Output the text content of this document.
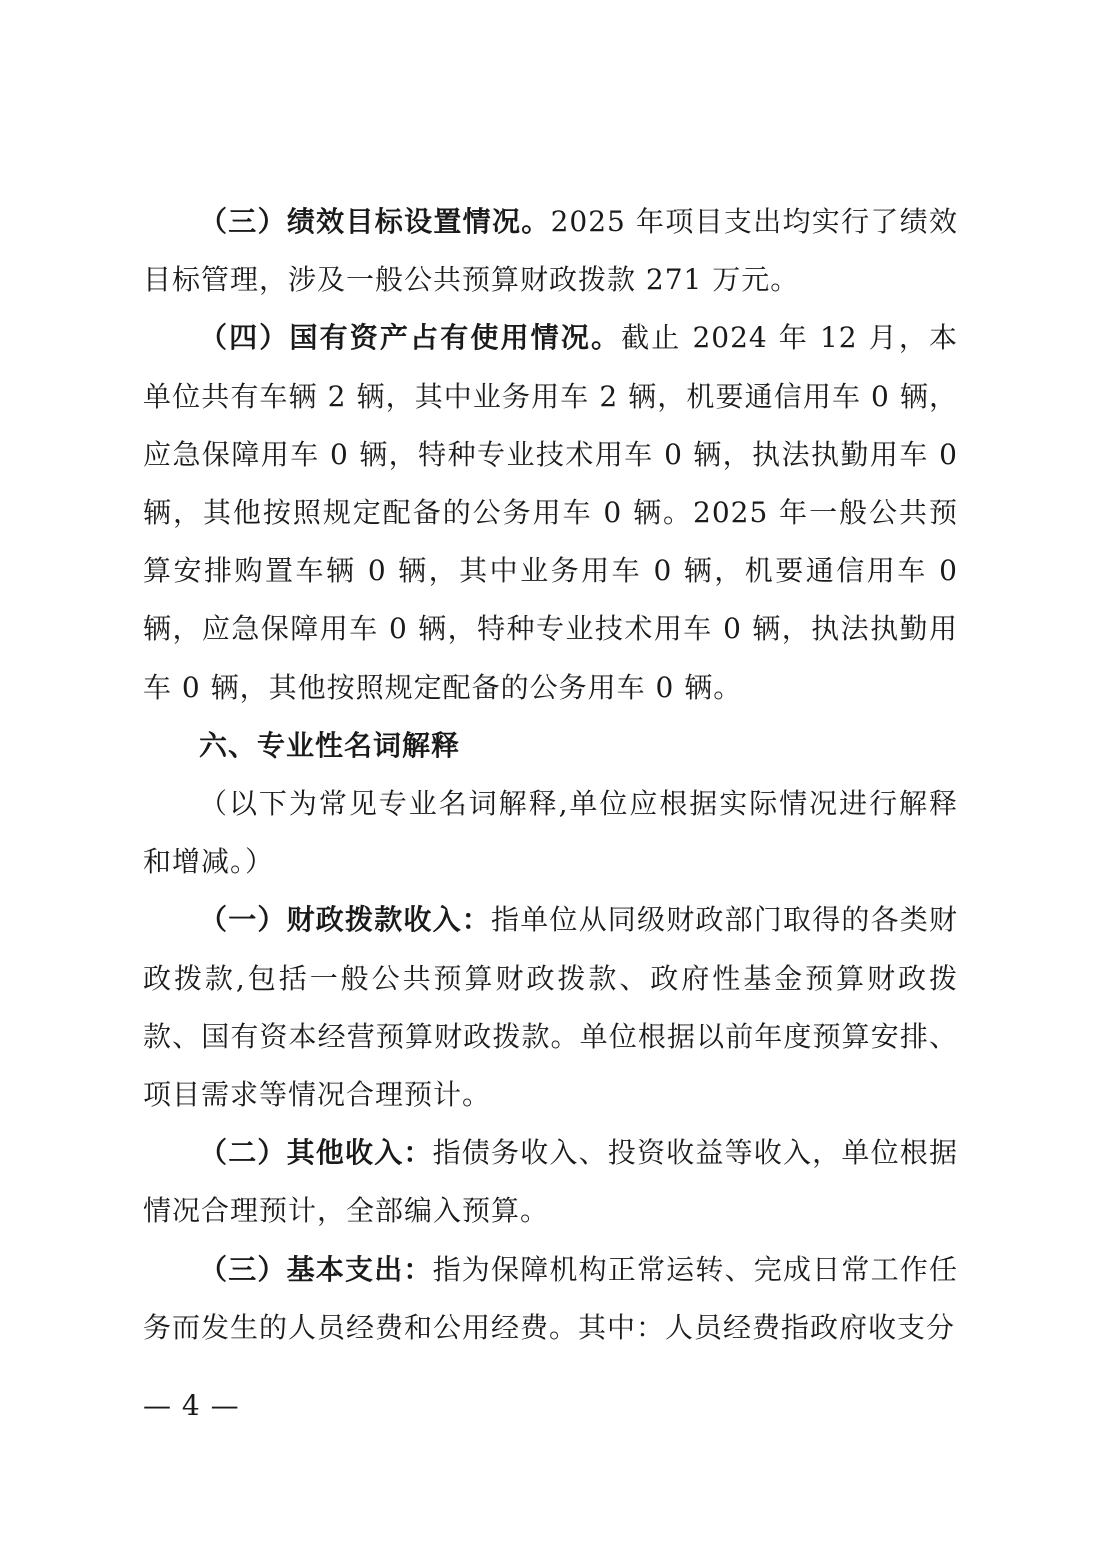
（三）绩效目标设置情况。2025 年项目支出均实行了绩效目标管理，涉及一般公共预算财政拨款 271 万元。

（四）国有资产占有使用情况。截止 2024 年 12 月，本单位共有车辆 2 辆，其中业务用车 2 辆，机要通信用车 0 辆，应急保障用车 0 辆，特种专业技术用车 0 辆，执法执勤用车 0 辆，其他按照规定配备的公务用车 0 辆。2025 年一般公共预算安排购置车辆 0 辆，其中业务用车 0 辆，机要通信用车 0 辆，应急保障用车 0 辆，特种专业技术用车 0 辆，执法执勤用车 0 辆，其他按照规定配备的公务用车 0 辆。

六、专业性名词解释

（以下为常见专业名词解释,单位应根据实际情况进行解释和增减。）

（一）财政拨款收入：指单位从同级财政部门取得的各类财政拨款,包括一般公共预算财政拨款、政府性基金预算财政拨款、国有资本经营预算财政拨款。单位根据以前年度预算安排、项目需求等情况合理预计。

（二）其他收入：指债务收入、投资收益等收入，单位根据情况合理预计，全部编入预算。

（三）基本支出：指为保障机构正常运转、完成日常工作任务而发生的人员经费和公用经费。其中：人员经费指政府收支分

— 4 —
